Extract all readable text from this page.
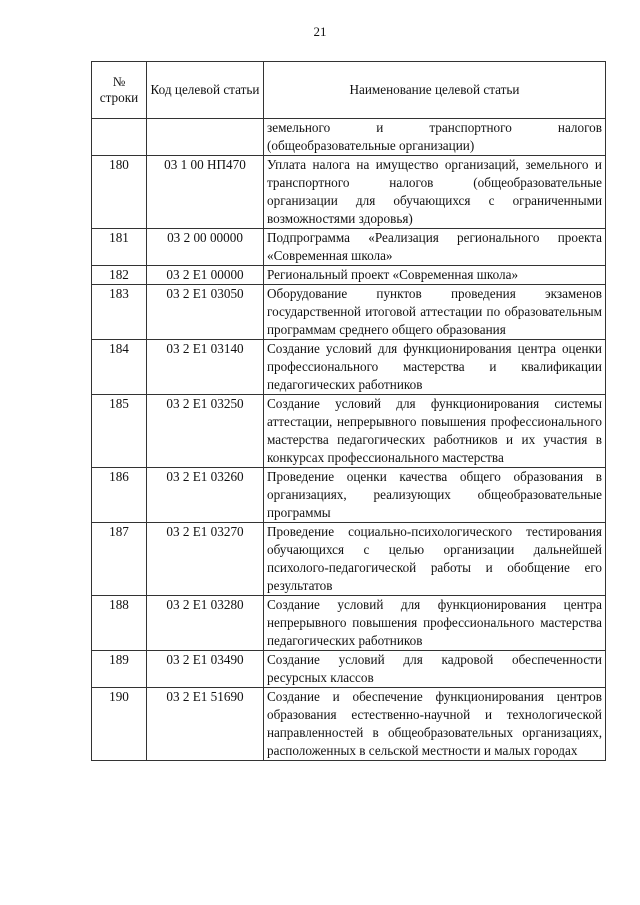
21
№ строки	Код целевой статьи	Наименование целевой статьи
		земельного и транспортного налогов (общеобразовательные организации)
180	03 1 00 НП470	Уплата налога на имущество организаций, земельного и транспортного налогов (общеобразовательные организации для обучающихся с ограниченными возможностями здоровья)
181	03 2 00 00000	Подпрограмма «Реализация регионального проекта «Современная школа»
182	03 2 E1 00000	Региональный проект «Современная школа»
183	03 2 E1 03050	Оборудование пунктов проведения экзаменов государственной итоговой аттестации по образовательным программам среднего общего образования
184	03 2 E1 03140	Создание условий для функционирования центра оценки профессионального мастерства и квалификации педагогических работников
185	03 2 E1 03250	Создание условий для функционирования системы аттестации, непрерывного повышения профессионального мастерства педагогических работников и их участия в конкурсах профессионального мастерства
186	03 2 E1 03260	Проведение оценки качества общего образования в организациях, реализующих общеобразовательные программы
187	03 2 E1 03270	Проведение социально-психологического тестирования обучающихся с целью организации дальнейшей психолого-педагогической работы и обобщение его результатов
188	03 2 E1 03280	Создание условий для функционирования центра непрерывного повышения профессионального мастерства педагогических работников
189	03 2 E1 03490	Создание условий для кадровой обеспеченности ресурсных классов
190	03 2 E1 51690	Создание и обеспечение функционирования центров образования естественно-научной и технологической направленностей в общеобразовательных организациях, расположенных в сельской местности и малых городах
